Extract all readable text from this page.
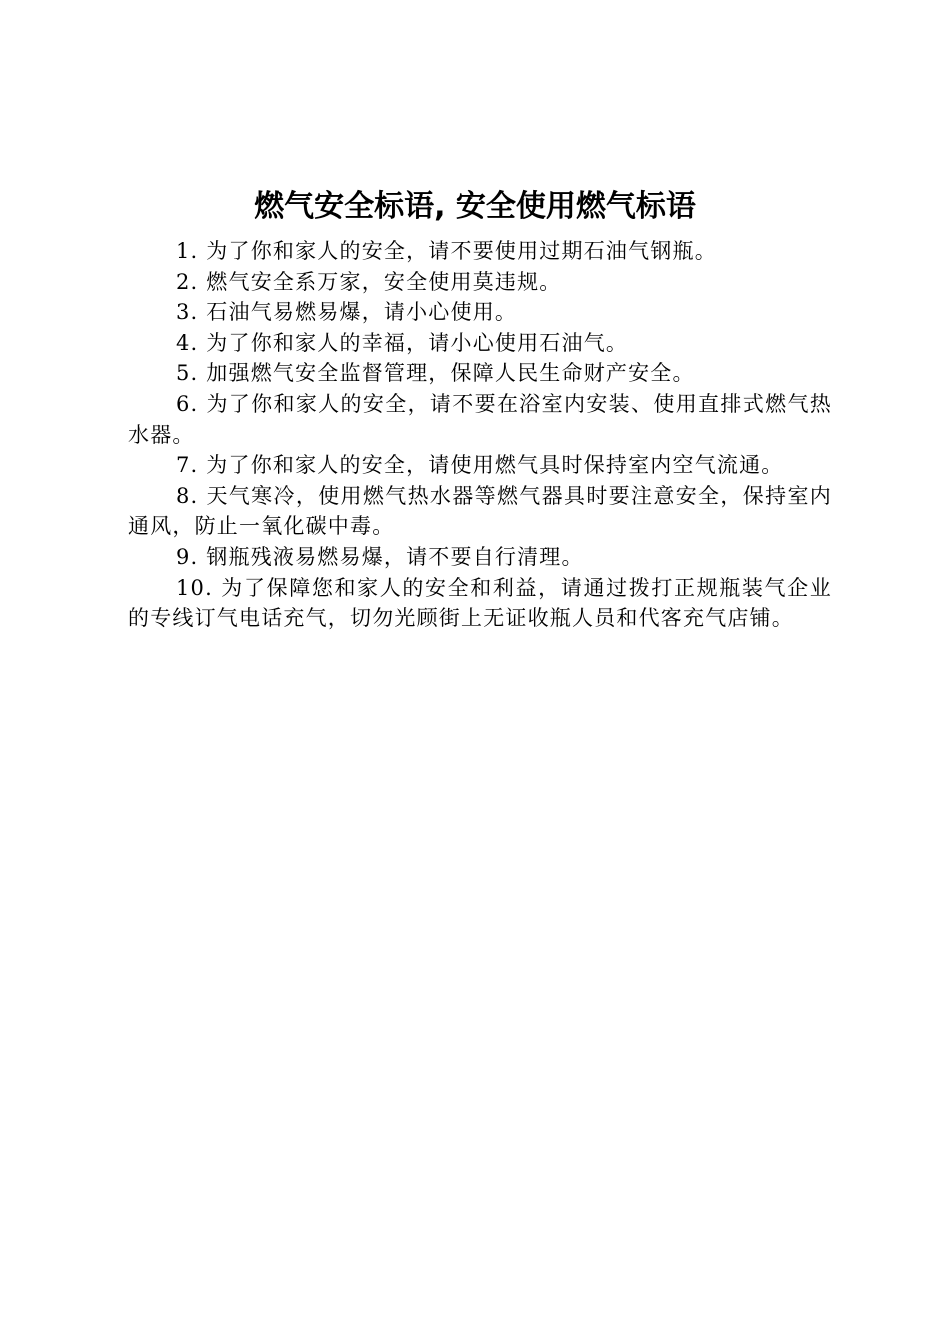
燃气安全标语, 安全使用燃气标语

1. 为了你和家人的安全，请不要使用过期石油气钢瓶。

2. 燃气安全系万家，安全使用莫违规。

3. 石油气易燃易爆，请小心使用。

4. 为了你和家人的幸福，请小心使用石油气。

5. 加强燃气安全监督管理，保障人民生命财产安全。

6. 为了你和家人的安全，请不要在浴室内安装、使用直排式燃气热水器。

7. 为了你和家人的安全，请使用燃气具时保持室内空气流通。

8. 天气寒冷，使用燃气热水器等燃气器具时要注意安全，保持室内通风，防止一氧化碳中毒。

9. 钢瓶残液易燃易爆，请不要自行清理。

10. 为了保障您和家人的安全和利益，请通过拨打正规瓶装气企业的专线订气电话充气，切勿光顾街上无证收瓶人员和代客充气店铺。
